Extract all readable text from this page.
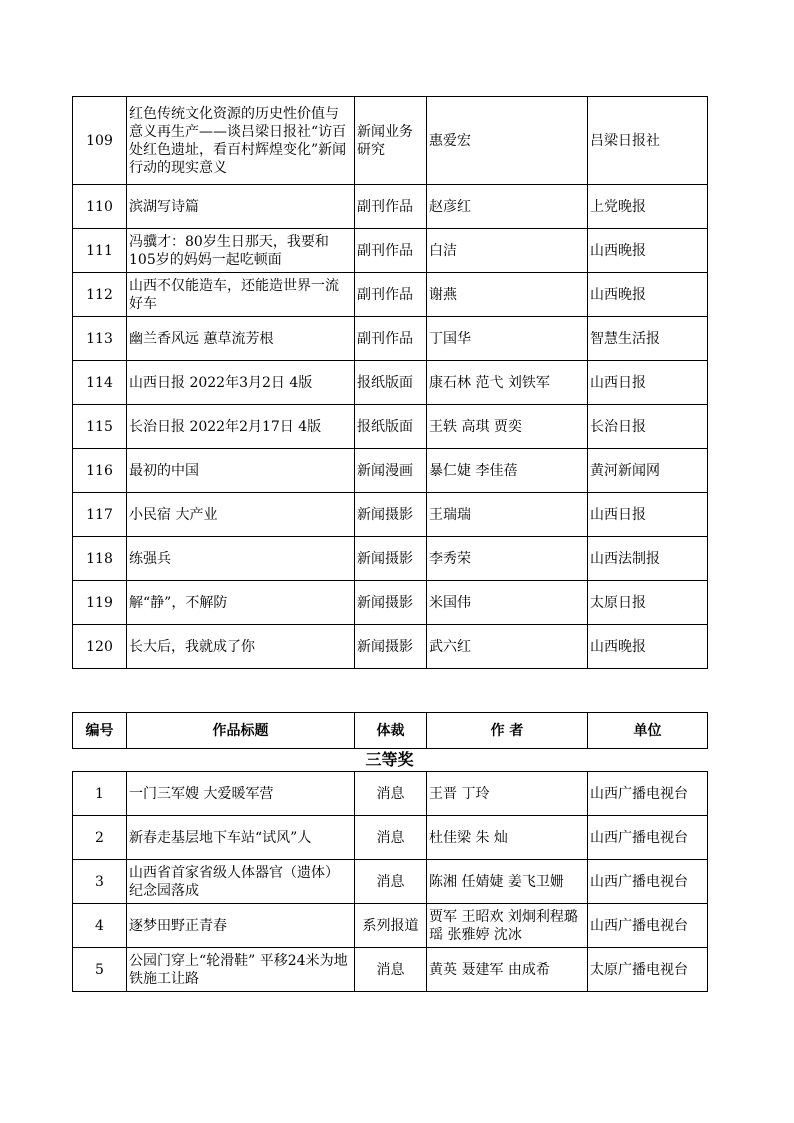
109	红色传统文化资源的历史性价值与意义再生产——谈吕梁日报社“访百处红色遗址，看百村辉煌变化”新闻行动的现实意义	新闻业务研究	惠爱宏	吕梁日报社
110	滨湖写诗篇	副刊作品	赵彦红	上党晚报
111	冯骥才：80岁生日那天，我要和105岁的妈妈一起吃顿面	副刊作品	白洁	山西晚报
112	山西不仅能造车，还能造世界一流好车	副刊作品	谢燕	山西晚报
113	幽兰香风远 蕙草流芳根	副刊作品	丁国华	智慧生活报
114	山西日报 2022年3月2日 4版	报纸版面	康石林 范弋 刘铁军	山西日报
115	长治日报 2022年2月17日 4版	报纸版面	王轶 高琪 贾奕	长治日报
116	最初的中国	新闻漫画	暴仁婕 李佳蓓	黄河新闻网
117	小民宿 大产业	新闻摄影	王瑞瑞	山西日报
118	练强兵	新闻摄影	李秀荣	山西法制报
119	解“静”，不解防	新闻摄影	米国伟	太原日报
120	长大后，我就成了你	新闻摄影	武六红	山西晚报
编号	作品标题	体裁	作 者	单位
三等奖
1	一门三军嫂 大爱暖军营	消息	王晋 丁玲	山西广播电视台
2	新春走基层地下车站“试风”人	消息	杜佳梁 朱 灿	山西广播电视台
3	山西省首家省级人体器官（遗体）纪念园落成	消息	陈湘 任婧婕 姜飞卫姗	山西广播电视台
4	逐梦田野正青春	系列报道	贾军 王昭欢 刘炯利程璐瑶 张雅婷 沈冰	山西广播电视台
5	公园门穿上“轮滑鞋” 平移24米为地铁施工让路	消息	黄英 聂建军 由成希	太原广播电视台
